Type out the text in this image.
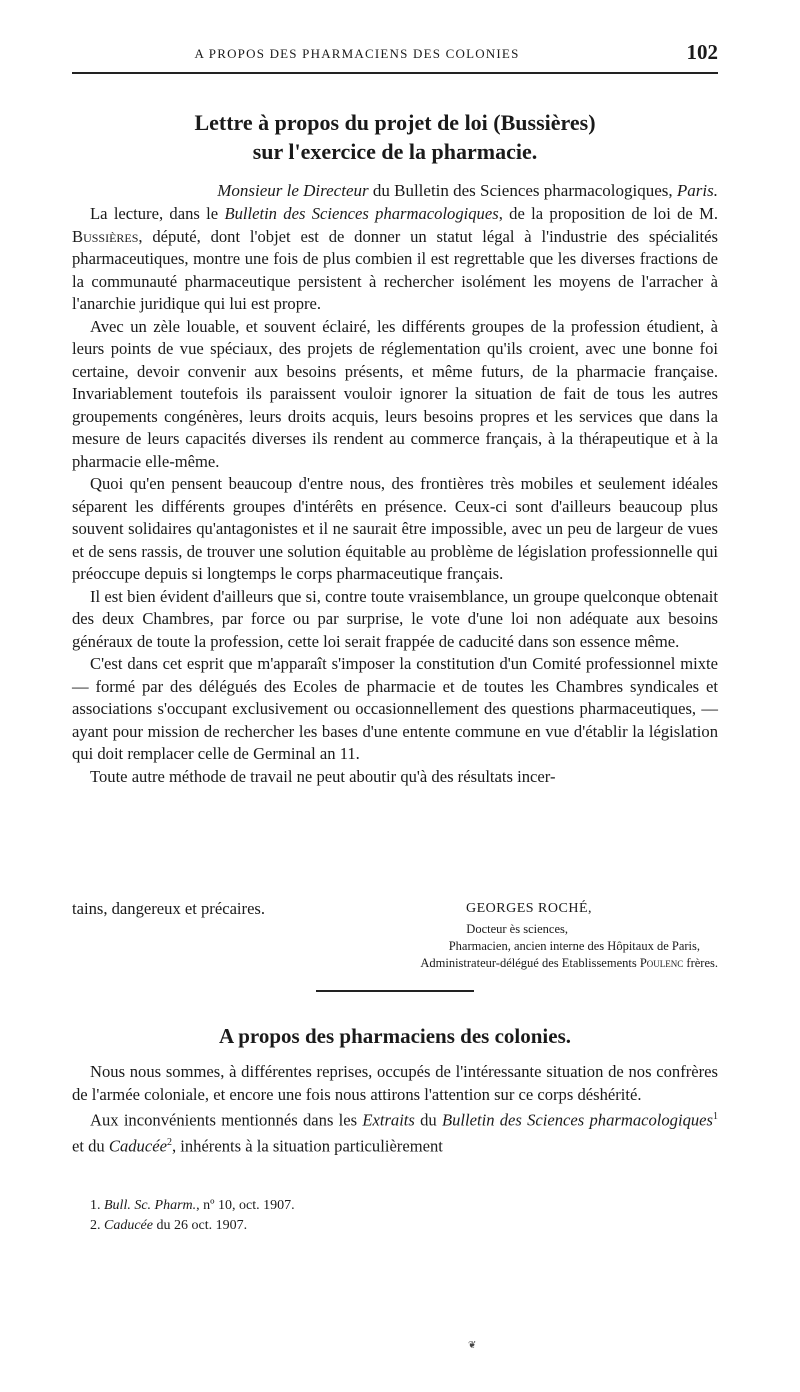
A PROPOS DES PHARMACIENS DES COLONIES	102
Lettre à propos du projet de loi (Bussières)
sur l'exercice de la pharmacie.
Monsieur le Directeur du Bulletin des Sciences pharmacologiques, Paris.

La lecture, dans le Bulletin des Sciences pharmacologiques, de la proposition de loi de M. Bussières, député, dont l'objet est de donner un statut légal à l'industrie des spécialités pharmaceutiques, montre une fois de plus combien il est regrettable que les diverses fractions de la communauté pharmaceutique persistent à rechercher isolément les moyens de l'arracher à l'anarchie juridique qui lui est propre.

Avec un zèle louable, et souvent éclairé, les différents groupes de la profession étudient, à leurs points de vue spéciaux, des projets de réglementation qu'ils croient, avec une bonne foi certaine, devoir convenir aux besoins présents, et même futurs, de la pharmacie française. Invariablement toutefois ils paraissent vouloir ignorer la situation de fait de tous les autres groupements congénères, leurs droits acquis, leurs besoins propres et les services que dans la mesure de leurs capacités diverses ils rendent au commerce français, à la thérapeutique et à la pharmacie elle-même.

Quoi qu'en pensent beaucoup d'entre nous, des frontières très mobiles et seulement idéales séparent les différents groupes d'intérêts en présence. Ceux-ci sont d'ailleurs beaucoup plus souvent solidaires qu'antagonistes et il ne saurait être impossible, avec un peu de largeur de vues et de sens rassis, de trouver une solution équitable au problème de législation professionnelle qui préoccupe depuis si longtemps le corps pharmaceutique français.

Il est bien évident d'ailleurs que si, contre toute vraisemblance, un groupe quelconque obtenait des deux Chambres, par force ou par surprise, le vote d'une loi non adéquate aux besoins généraux de toute la profession, cette loi serait frappée de caducité dans son essence même.

C'est dans cet esprit que m'apparaît s'imposer la constitution d'un Comité professionnel mixte — formé par des délégués des Ecoles de pharmacie et de toutes les Chambres syndicales et associations s'occupant exclusivement ou occasionnellement des questions pharmaceutiques, — ayant pour mission de rechercher les bases d'une entente commune en vue d'établir la législation qui doit remplacer celle de Germinal an 11.

Toute autre méthode de travail ne peut aboutir qu'à des résultats incer-

tains, dangereux et précaires.	GEORGES ROCHÉ,
Docteur ès sciences,
Pharmacien, ancien interne des Hôpitaux de Paris,
Administrateur-délégué des Etablissements Poulenc frères.
A propos des pharmaciens des colonies.

Nous nous sommes, à différentes reprises, occupés de l'intéressante situation de nos confrères de l'armée coloniale, et encore une fois nous attirons l'attention sur ce corps déshérité.

Aux inconvénients mentionnés dans les Extraits du Bulletin des Sciences pharmacologiques$^1$ et du Caducée$^2$, inhérents à la situation particulièrement

1. Bull. Sc. Pharm., nº 10, oct. 1907.
2. Caducée du 26 oct. 1907.
❦
